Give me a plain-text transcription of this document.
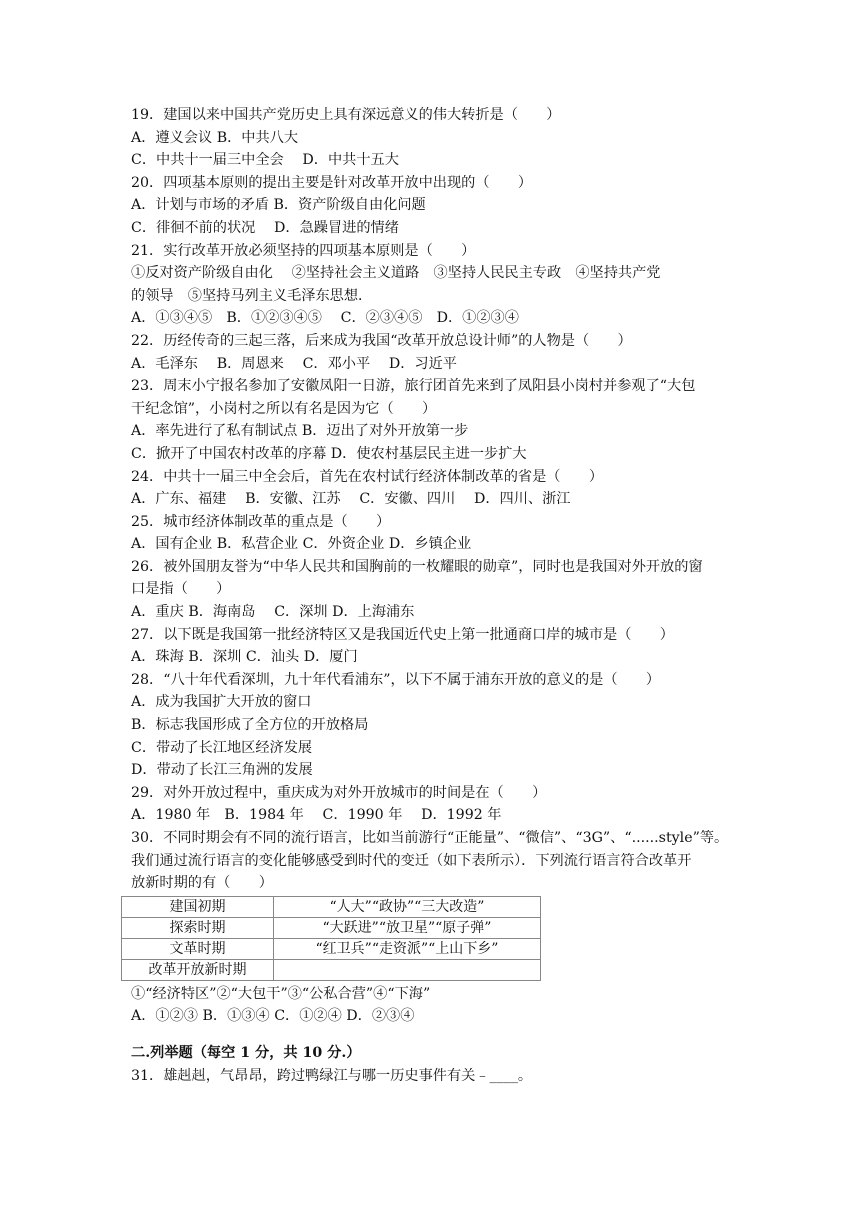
19．建国以来中国共产党历史上具有深远意义的伟大转折是（　　）
A．遵义会议 B．中共八大
C．中共十一届三中全会　 D．中共十五大
20．四项基本原则的提出主要是针对改革开放中出现的（　　）
A．计划与市场的矛盾 B．资产阶级自由化问题
C．徘徊不前的状况　 D．急躁冒进的情绪
21．实行改革开放必须坚持的四项基本原则是（　　）
①反对资产阶级自由化　 ②坚持社会主义道路　③坚持人民民主专政　④坚持共产党
的领导　⑤坚持马列主义毛泽东思想．
A．①③④⑤　B．①②③④⑤　 C．②③④⑤　D．①②③④
22．历经传奇的三起三落，后来成为我国“改革开放总设计师”的人物是（　　）
A．毛泽东　 B．周恩来　 C．邓小平　 D．习近平
23．周末小宁报名参加了安徽凤阳一日游，旅行团首先来到了凤阳县小岗村并参观了“大包
干纪念馆”，小岗村之所以有名是因为它（　　）
A．率先进行了私有制试点 B．迈出了对外开放第一步
C．掀开了中国农村改革的序幕 D．使农村基层民主进一步扩大
24．中共十一届三中全会后，首先在农村试行经济体制改革的省是（　　）
A．广东、福建　 B．安徽、江苏　 C．安徽、四川　 D．四川、浙江
25．城市经济体制改革的重点是（　　）
A．国有企业 B．私营企业 C．外资企业 D．乡镇企业
26．被外国朋友誉为“中华人民共和国胸前的一枚耀眼的勋章”，同时也是我国对外开放的窗
口是指（　　）
A．重庆 B．海南岛　 C．深圳 D．上海浦东
27．以下既是我国第一批经济特区又是我国近代史上第一批通商口岸的城市是（　　）
A．珠海 B．深圳 C．汕头 D．厦门
28．“八十年代看深圳，九十年代看浦东”，以下不属于浦东开放的意义的是（　　）
A．成为我国扩大开放的窗口
B．标志我国形成了全方位的开放格局
C．带动了长江地区经济发展
D．带动了长江三角洲的发展
29．对外开放过程中，重庆成为对外开放城市的时间是在（　　）
A．1980 年　B．1984 年　 C．1990 年　 D．1992 年
30．不同时期会有不同的流行语言，比如当前游行“正能量”、“微信”、“3G”、“......style”等。
我们通过流行语言的变化能够感受到时代的变迁（如下表所示）．下列流行语言符合改革开
放新时期的有（　　）
建国初期	“人大”“政协”“三大改造”
探索时期	“大跃进”“放卫星”“原子弹”
文革时期	“红卫兵”“走资派”“上山下乡”
改革开放新时期	
①“经济特区”②“大包干”③“公私合营”④“下海”
A．①②③ B．①③④ C．①②④ D．②③④
二.列举题（每空 1 分，共 10 分.）
31．雄赳赳，气昂昂，跨过鸭绿江与哪一历史事件有关﹣____。
